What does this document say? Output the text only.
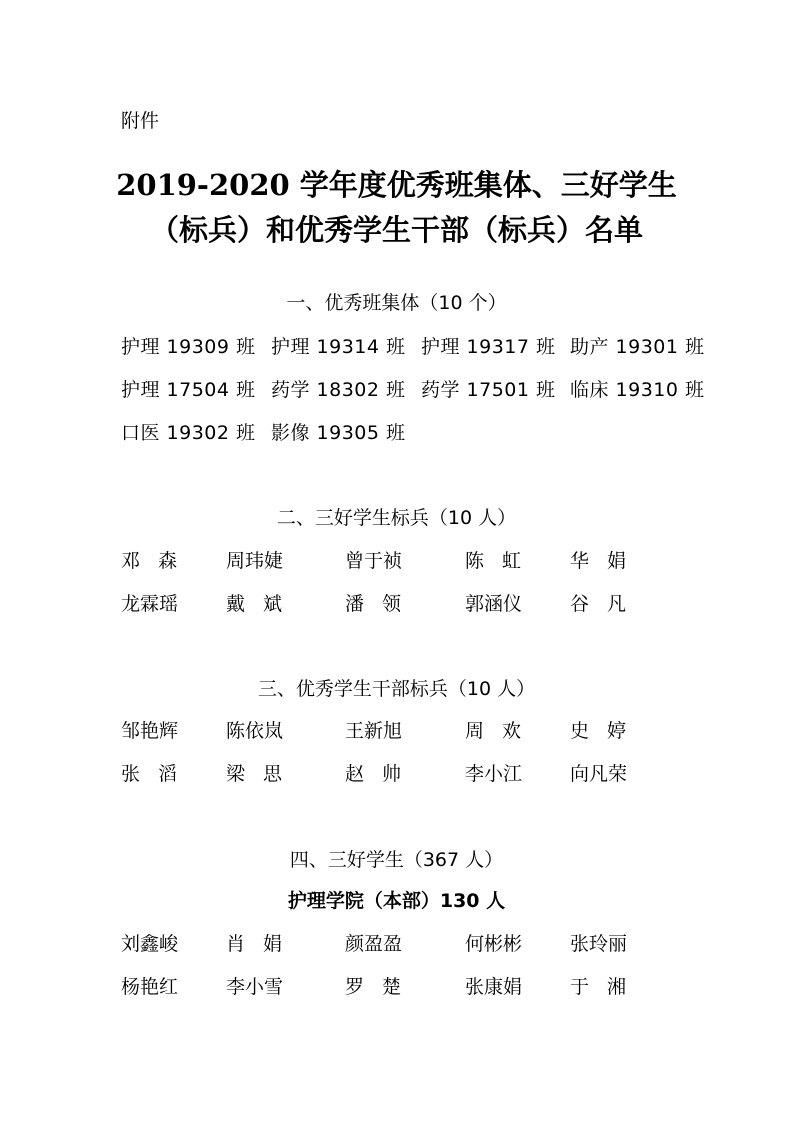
附件
2019-2020 学年度优秀班集体、三好学生
（标兵）和优秀学生干部（标兵）名单
一、优秀班集体（10 个）
护理 19309 班 护理 19314 班 护理 19317 班 助产 19301 班
护理 17504 班 药学 18302 班 药学 17501 班 临床 19310 班
口医 19302 班 影像 19305 班
二、三好学生标兵（10 人）
邓森 周玮婕	曾于祯	陈虹 华娟
龙霖瑶	戴斌 潘领 郭涵仪	谷凡
三、优秀学生干部标兵（10 人）
邹艳辉	陈依岚	王新旭	周欢 史婷
张滔 梁思 赵帅 李小江	向凡荣
四、三好学生（367 人）
护理学院（本部）130 人
刘鑫峻	肖娟 颜盈盈	何彬彬	张玲丽
杨艳红	李小雪	罗楚 张康娟	于湘
